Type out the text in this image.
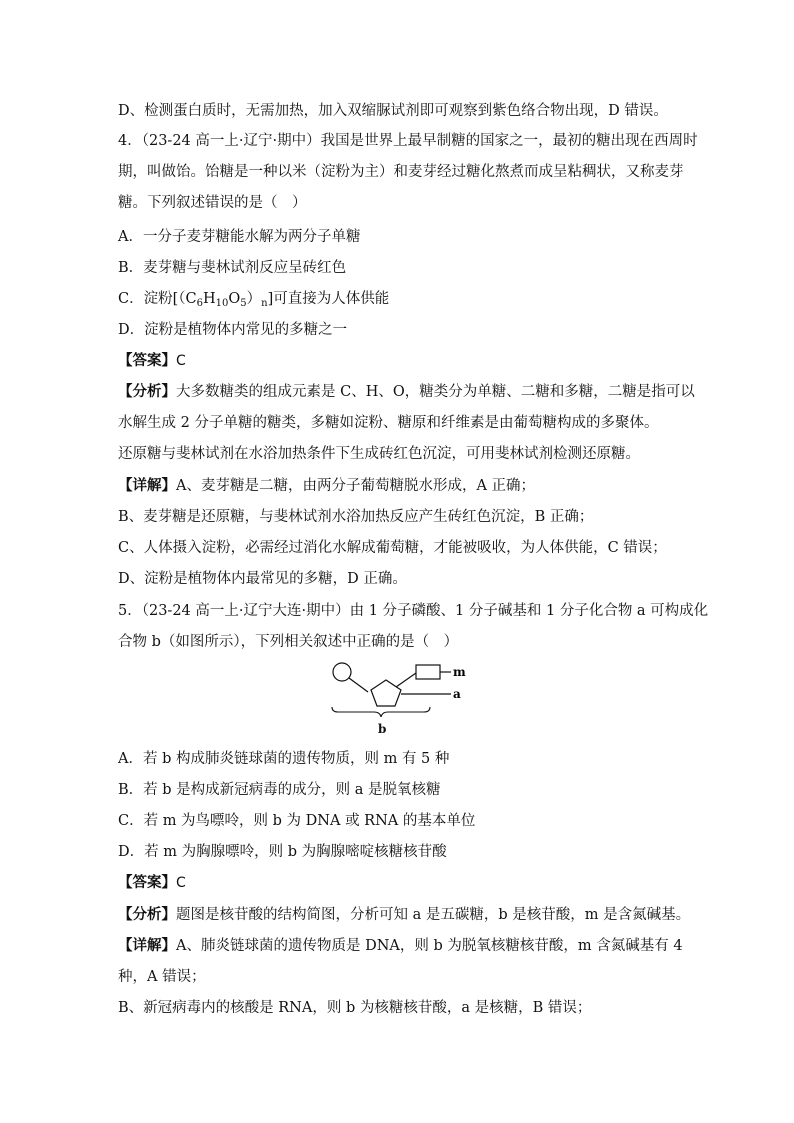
D、检测蛋白质时，无需加热，加入双缩脲试剂即可观察到紫色络合物出现，D 错误。
4．（23-24 高一上·辽宁·期中）我国是世界上最早制糖的国家之一，最初的糖出现在西周时
期，叫做饴。饴糖是一种以米（淀粉为主）和麦芽经过糖化熬煮而成呈粘稠状，又称麦芽
糖。下列叙述错误的是（　）
A．一分子麦芽糖能水解为两分子单糖
B．麦芽糖与斐林试剂反应呈砖红色
C．淀粉$[(C_6H_{10}O_5)_n]$可直接为人体供能
D．淀粉是植物体内常见的多糖之一
【答案】C
【分析】大多数糖类的组成元素是 C、H、O，糖类分为单糖、二糖和多糖，二糖是指可以
水解生成 2 分子单糖的糖类，多糖如淀粉、糖原和纤维素是由葡萄糖构成的多聚体。
还原糖与斐林试剂在水浴加热条件下生成砖红色沉淀，可用斐林试剂检测还原糖。
【详解】A、麦芽糖是二糖，由两分子葡萄糖脱水形成，A 正确；
B、麦芽糖是还原糖，与斐林试剂水浴加热反应产生砖红色沉淀，B 正确；
C、人体摄入淀粉，必需经过消化水解成葡萄糖，才能被吸收，为人体供能，C 错误；
D、淀粉是植物体内最常见的多糖，D 正确。
5．（23-24 高一上·辽宁大连·期中）由 1 分子磷酸、1 分子碱基和 1 分子化合物 a 可构成化
合物 b（如图所示），下列相关叙述中正确的是（　）
m
a
b
A．若 b 构成肺炎链球菌的遗传物质，则 m 有 5 种
B．若 b 是构成新冠病毒的成分，则 a 是脱氧核糖
C．若 m 为鸟嘌呤，则 b 为 DNA 或 RNA 的基本单位
D．若 m 为胸腺嘌呤，则 b 为胸腺嘧啶核糖核苷酸
【答案】C
【分析】题图是核苷酸的结构简图，分析可知 a 是五碳糖，b 是核苷酸，m 是含氮碱基。
【详解】A、肺炎链球菌的遗传物质是 DNA，则 b 为脱氧核糖核苷酸，m 含氮碱基有 4
种，A 错误；
B、新冠病毒内的核酸是 RNA，则 b 为核糖核苷酸，a 是核糖，B 错误；
